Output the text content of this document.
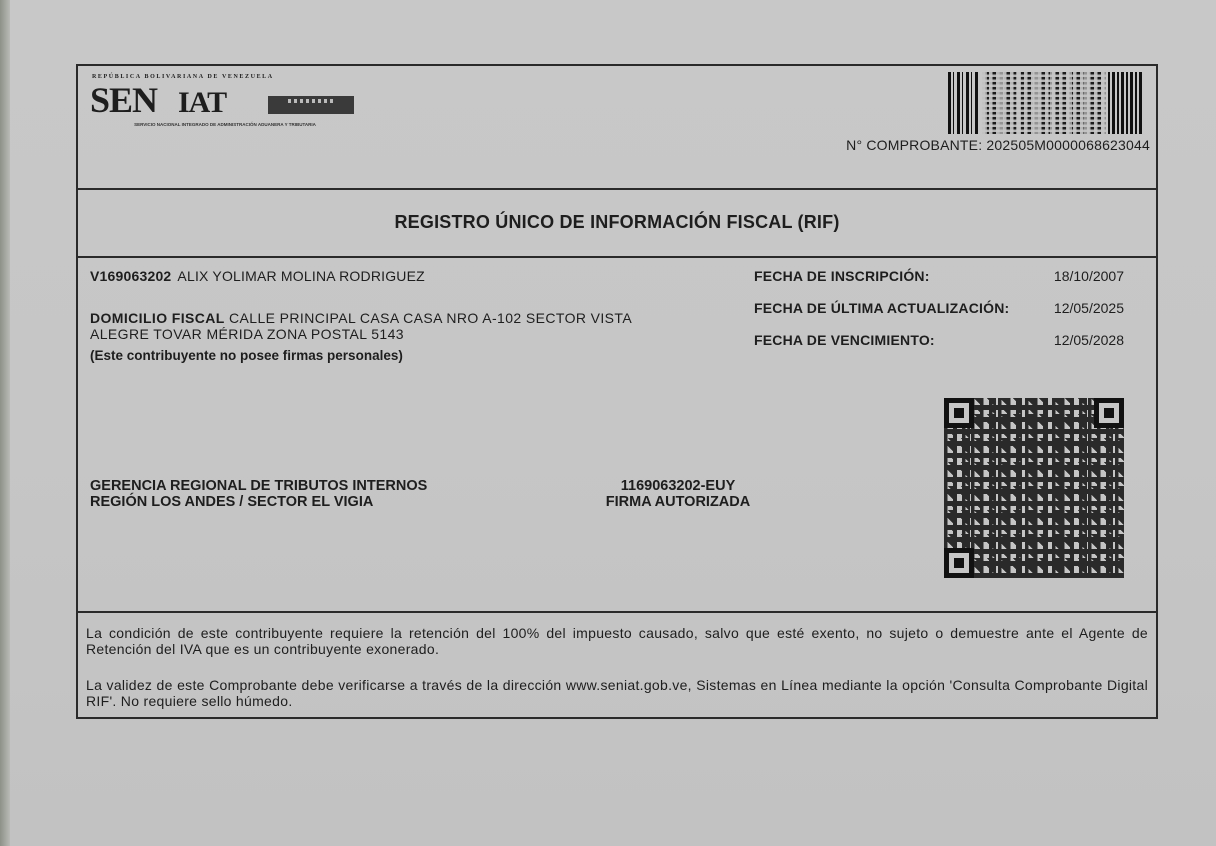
REPÚBLICA BOLIVARIANA DE VENEZUELA
SEN IAT
SERVICIO NACIONAL INTEGRADO DE ADMINISTRACIÓN ADUANERA Y TRIBUTARIA
N° COMPROBANTE: 202505M0000068623044
REGISTRO ÚNICO DE INFORMACIÓN FISCAL (RIF)
V169063202 ALIX YOLIMAR MOLINA RODRIGUEZ
DOMICILIO FISCAL CALLE PRINCIPAL CASA CASA NRO A-102 SECTOR VISTA
ALEGRE TOVAR MÉRIDA ZONA POSTAL 5143
(Este contribuyente no posee firmas personales)
FECHA DE INSCRIPCIÓN:	18/10/2007
FECHA DE ÚLTIMA ACTUALIZACIÓN:	12/05/2025
FECHA DE VENCIMIENTO:	12/05/2028
GERENCIA REGIONAL DE TRIBUTOS INTERNOS
REGIÓN LOS ANDES / SECTOR EL VIGIA
1169063202-EUY
FIRMA AUTORIZADA
La condición de este contribuyente requiere la retención del 100% del impuesto causado, salvo que esté exento, no sujeto o demuestre ante el Agente de Retención del IVA que es un contribuyente exonerado.
La validez de este Comprobante debe verificarse a través de la dirección www.seniat.gob.ve, Sistemas en Línea mediante la opción 'Consulta Comprobante Digital RIF'. No requiere sello húmedo.
